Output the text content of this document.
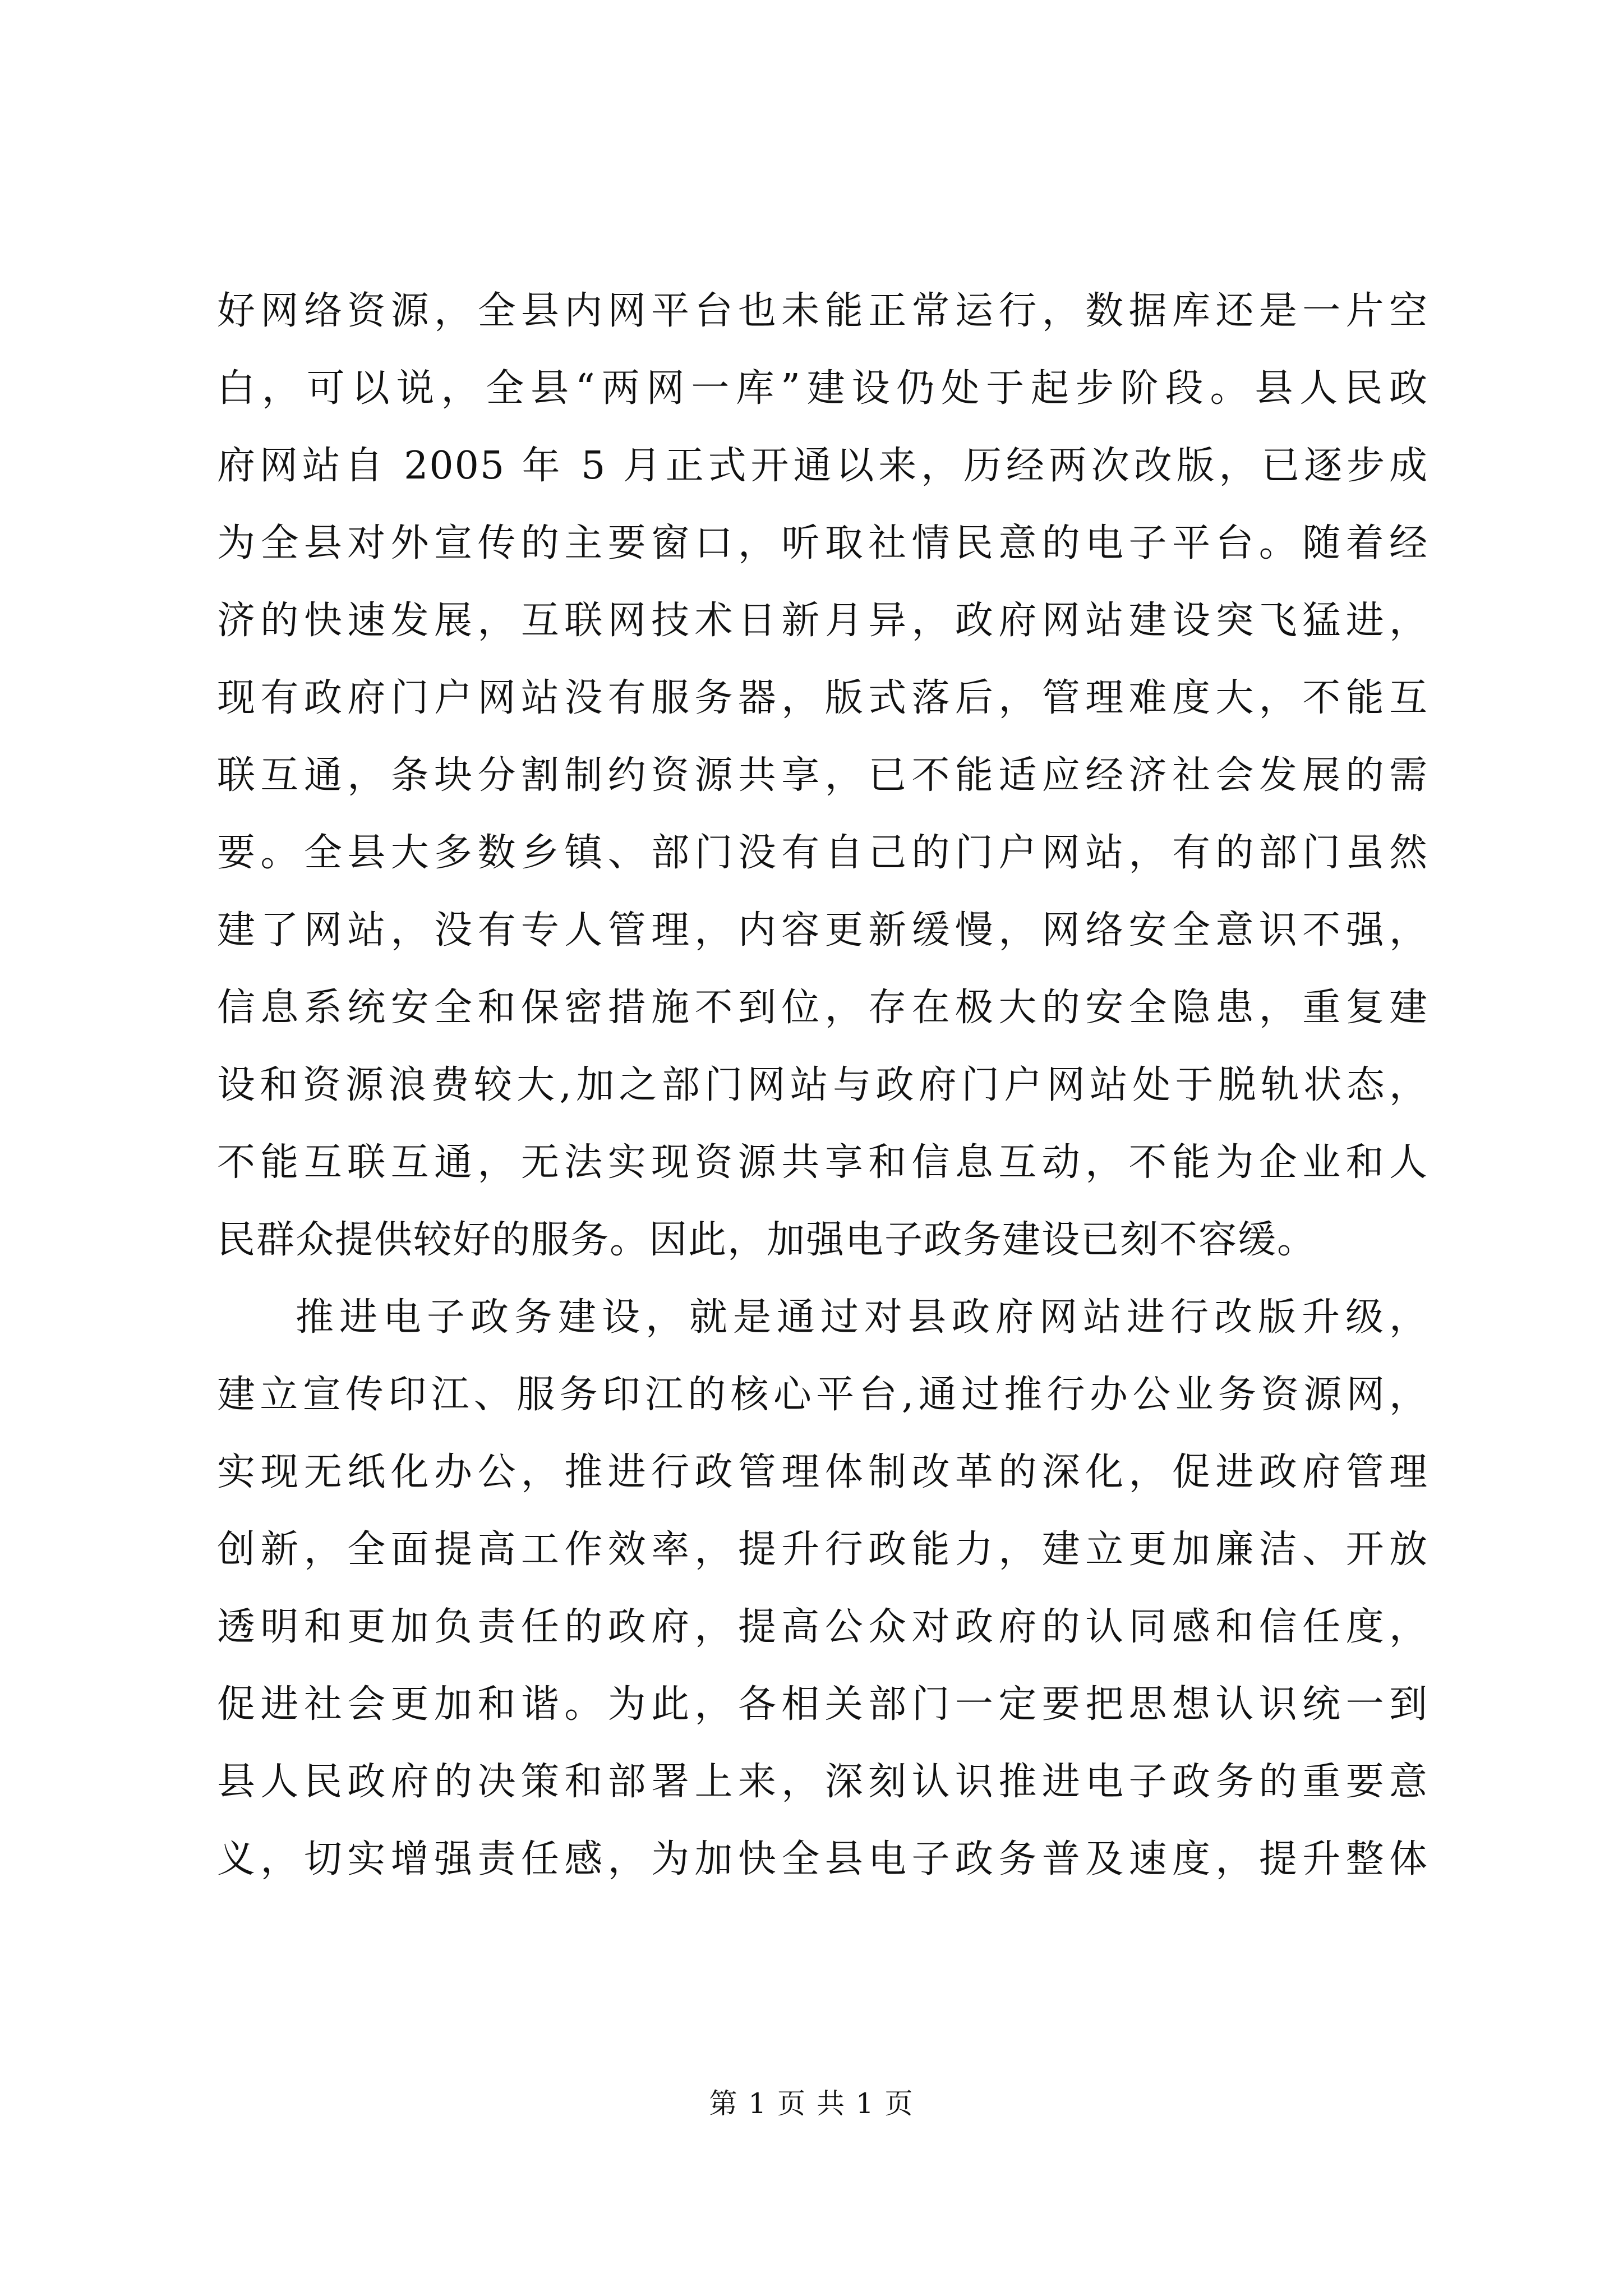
好网络资源，全县内网平台也未能正常运行，数据库还是一片空
白，可以说，全县“两网一库”建设仍处于起步阶段。县人民政
府网站自 2005 年 5 月正式开通以来，历经两次改版，已逐步成
为全县对外宣传的主要窗口，听取社情民意的电子平台。随着经
济的快速发展，互联网技术日新月异，政府网站建设突飞猛进，
现有政府门户网站没有服务器，版式落后，管理难度大，不能互
联互通，条块分割制约资源共享，已不能适应经济社会发展的需
要。全县大多数乡镇、部门没有自己的门户网站，有的部门虽然
建了网站，没有专人管理，内容更新缓慢，网络安全意识不强，
信息系统安全和保密措施不到位，存在极大的安全隐患，重复建
设和资源浪费较大,加之部门网站与政府门户网站处于脱轨状态，
不能互联互通，无法实现资源共享和信息互动，不能为企业和人
民群众提供较好的服务。因此，加强电子政务建设已刻不容缓。
推进电子政务建设，就是通过对县政府网站进行改版升级，
建立宣传印江、服务印江的核心平台,通过推行办公业务资源网，
实现无纸化办公，推进行政管理体制改革的深化，促进政府管理
创新，全面提高工作效率，提升行政能力，建立更加廉洁、开放
透明和更加负责任的政府，提高公众对政府的认同感和信任度，
促进社会更加和谐。为此，各相关部门一定要把思想认识统一到
县人民政府的决策和部署上来，深刻认识推进电子政务的重要意
义，切实增强责任感，为加快全县电子政务普及速度，提升整体
第 1 页 共 1 页
